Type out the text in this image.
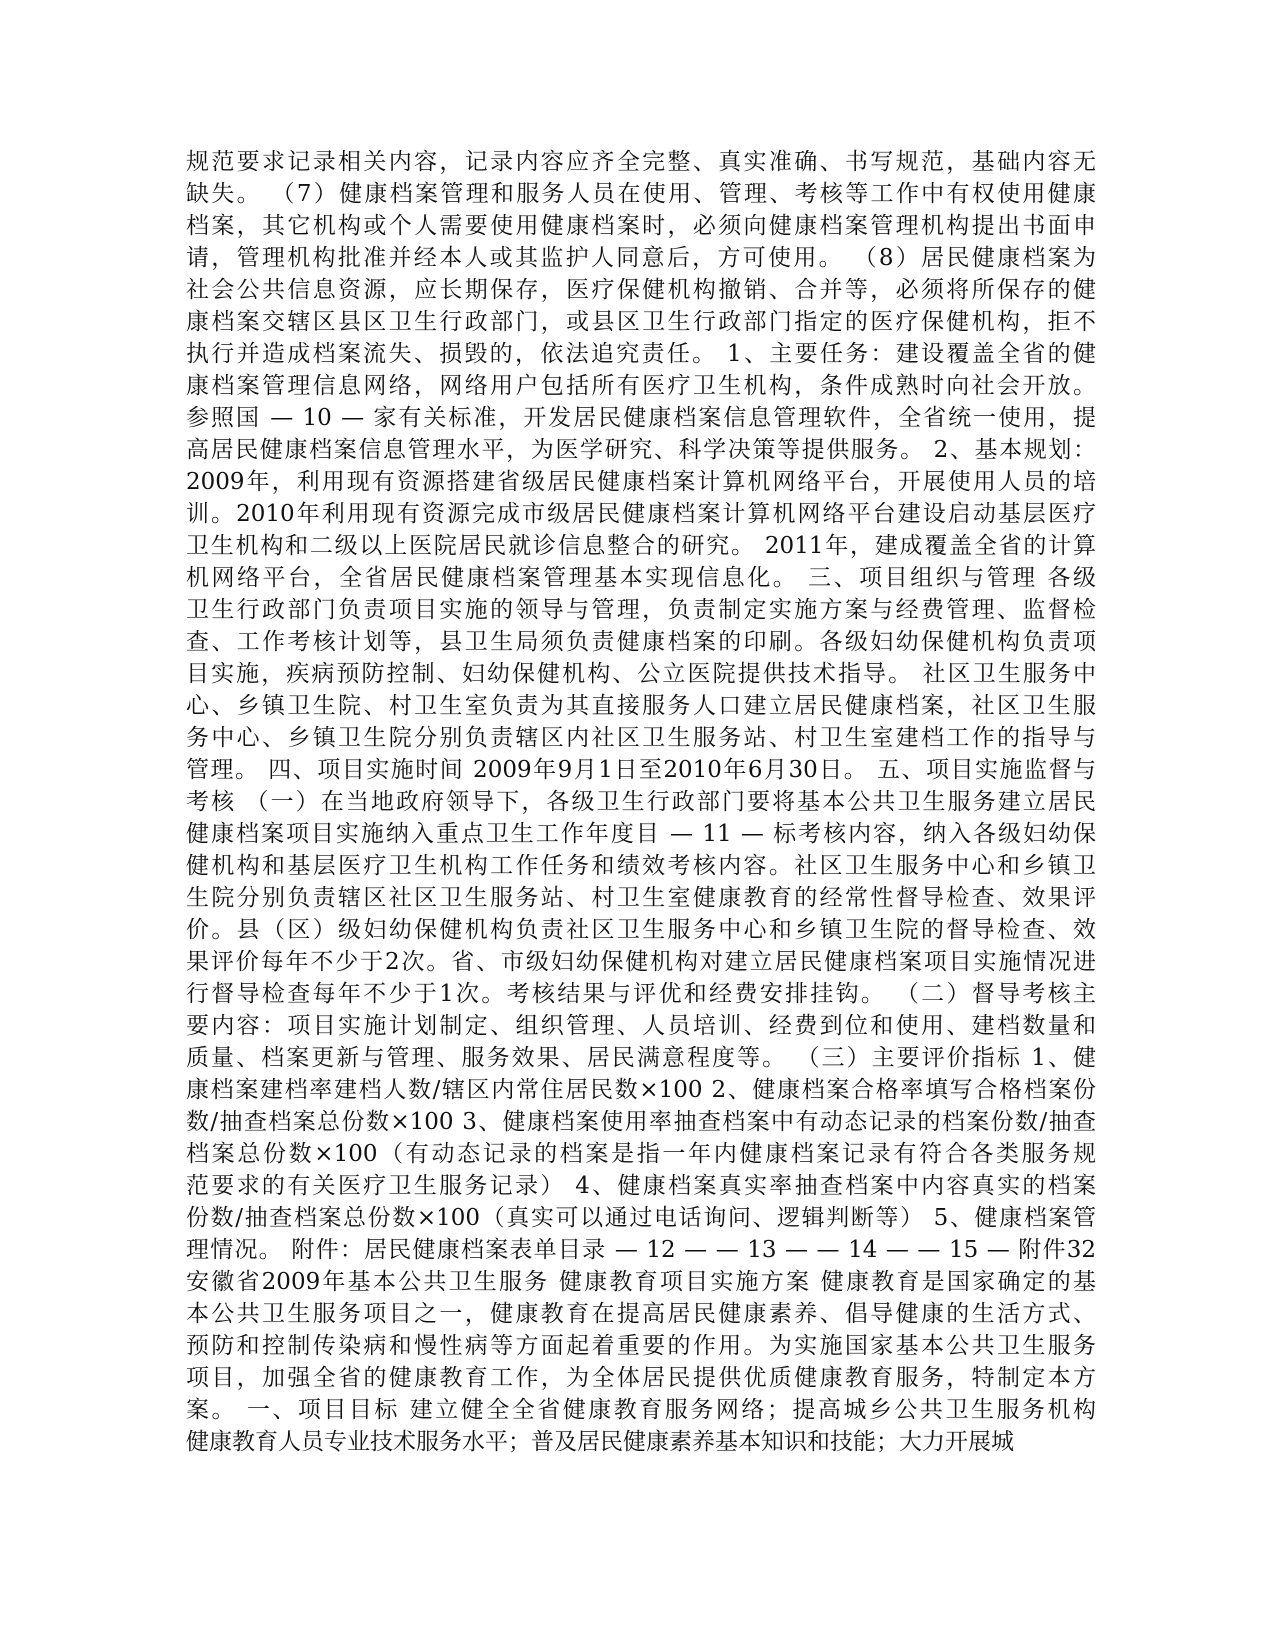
规范要求记录相关内容，记录内容应齐全完整、真实准确、书写规范，基础内容无
缺失。 （7）健康档案管理和服务人员在使用、管理、考核等工作中有权使用健康
档案，其它机构或个人需要使用健康档案时，必须向健康档案管理机构提出书面申
请，管理机构批准并经本人或其监护人同意后，方可使用。 （8）居民健康档案为
社会公共信息资源，应长期保存，医疗保健机构撤销、合并等，必须将所保存的健
康档案交辖区县区卫生行政部门，或县区卫生行政部门指定的医疗保健机构，拒不
执行并造成档案流失、损毁的，依法追究责任。 1、主要任务：建设覆盖全省的健
康档案管理信息网络，网络用户包括所有医疗卫生机构，条件成熟时向社会开放。
参照国 — 10 — 家有关标准，开发居民健康档案信息管理软件，全省统一使用，提
高居民健康档案信息管理水平，为医学研究、科学决策等提供服务。 2、基本规划：
2009年，利用现有资源搭建省级居民健康档案计算机网络平台，开展使用人员的培
训。2010年利用现有资源完成市级居民健康档案计算机网络平台建设启动基层医疗
卫生机构和二级以上医院居民就诊信息整合的研究。 2011年，建成覆盖全省的计算
机网络平台，全省居民健康档案管理基本实现信息化。 三、项目组织与管理 各级
卫生行政部门负责项目实施的领导与管理，负责制定实施方案与经费管理、监督检
查、工作考核计划等，县卫生局须负责健康档案的印刷。各级妇幼保健机构负责项
目实施，疾病预防控制、妇幼保健机构、公立医院提供技术指导。 社区卫生服务中
心、乡镇卫生院、村卫生室负责为其直接服务人口建立居民健康档案，社区卫生服
务中心、乡镇卫生院分别负责辖区内社区卫生服务站、村卫生室建档工作的指导与
管理。 四、项目实施时间 2009年9月1日至2010年6月30日。 五、项目实施监督与
考核 （一）在当地政府领导下，各级卫生行政部门要将基本公共卫生服务建立居民
健康档案项目实施纳入重点卫生工作年度目 — 11 — 标考核内容，纳入各级妇幼保
健机构和基层医疗卫生机构工作任务和绩效考核内容。社区卫生服务中心和乡镇卫
生院分别负责辖区社区卫生服务站、村卫生室健康教育的经常性督导检查、效果评
价。县（区）级妇幼保健机构负责社区卫生服务中心和乡镇卫生院的督导检查、效
果评价每年不少于2次。省、市级妇幼保健机构对建立居民健康档案项目实施情况进
行督导检查每年不少于1次。考核结果与评优和经费安排挂钩。 （二）督导考核主
要内容：项目实施计划制定、组织管理、人员培训、经费到位和使用、建档数量和
质量、档案更新与管理、服务效果、居民满意程度等。 （三）主要评价指标 1、健
康档案建档率建档人数/辖区内常住居民数×100 2、健康档案合格率填写合格档案份
数/抽查档案总份数×100 3、健康档案使用率抽查档案中有动态记录的档案份数/抽查
档案总份数×100（有动态记录的档案是指一年内健康档案记录有符合各类服务规
范要求的有关医疗卫生服务记录） 4、健康档案真实率抽查档案中内容真实的档案
份数/抽查档案总份数×100（真实可以通过电话询问、逻辑判断等） 5、健康档案管
理情况。 附件：居民健康档案表单目录 — 12 — — 13 — — 14 — — 15 — 附件32
安徽省2009年基本公共卫生服务 健康教育项目实施方案 健康教育是国家确定的基
本公共卫生服务项目之一，健康教育在提高居民健康素养、倡导健康的生活方式、
预防和控制传染病和慢性病等方面起着重要的作用。为实施国家基本公共卫生服务
项目，加强全省的健康教育工作，为全体居民提供优质健康教育服务，特制定本方
案。 一、项目目标 建立健全全省健康教育服务网络；提高城乡公共卫生服务机构
健康教育人员专业技术服务水平；普及居民健康素养基本知识和技能；大力开展城
